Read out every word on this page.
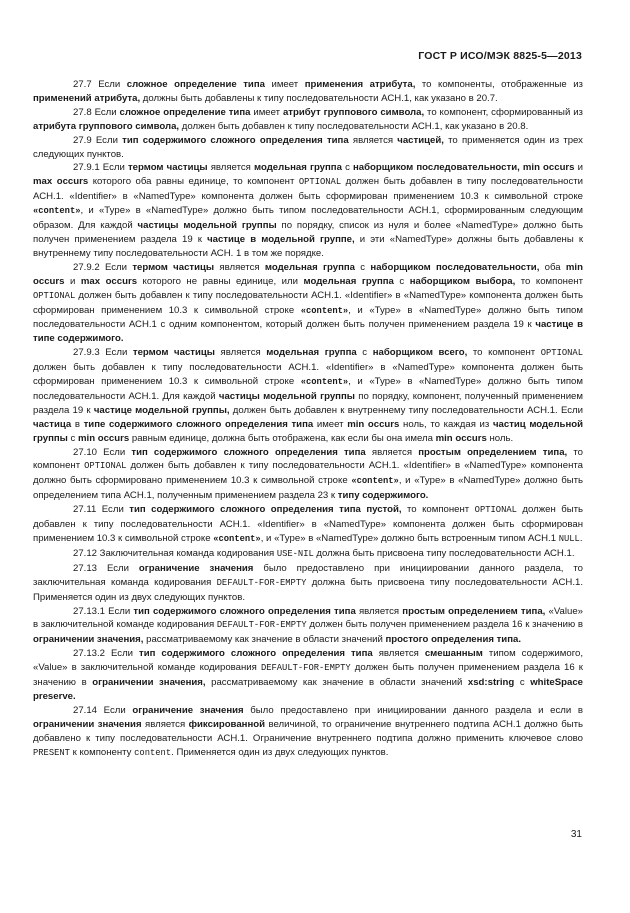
ГОСТ Р ИСО/МЭК 8825-5—2013

27.7 Если сложное определение типа имеет применения атрибута, то компоненты, отображенные из применений атрибута, должны быть добавлены к типу последовательности АСН.1, как указано в 20.7.

27.8 Если сложное определение типа имеет атрибут группового символа, то компонент, сформированный из атрибута группового символа, должен быть добавлен к типу последовательности АСН.1, как указано в 20.8.

27.9 Если тип содержимого сложного определения типа является частицей, то применяется один из трех следующих пунктов.

27.9.1 Если термом частицы является модельная группа с наборщиком последовательности, min occurs и max occurs которого оба равны единице, то компонент OPTIONAL должен быть добавлен в типу последовательности АСН.1. «Identifier» в «NamedType» компонента должен быть сформирован применением 10.3 к символьной строке «content», и «Type» в «NamedType» должно быть типом последовательности АСН.1, сформированным следующим образом. Для каждой частицы модельной группы по порядку, список из нуля и более «NamedType» должно быть получен применением раздела 19 к частице в модельной группе, и эти «NamedType» должны быть добавлены к внутреннему типу последовательности АСН. 1 в том же порядке.

27.9.2 Если термом частицы является модельная группа с наборщиком последовательности, оба min occurs и max occurs которого не равны единице, или модельная группа с наборщиком выбора, то компонент OPTIONAL должен быть добавлен к типу последовательности АСН.1. «Identifier» в «NamedType» компонента должен быть сформирован применением 10.3 к символьной строке «content», и «Type» в «NamedType» должно быть типом последовательности АСН.1 с одним компонентом, который должен быть получен применением раздела 19 к частице в типе содержимого.

27.9.3 Если термом частицы является модельная группа с наборщиком всего, то компонент OPTIONAL должен быть добавлен к типу последовательности АСН.1. «Identifier» в «NamedType» компонента должен быть сформирован применением 10.3 к символьной строке «content», и «Type» в «NamedType» должно быть типом последовательности АСН.1. Для каждой частицы модельной группы по порядку, компонент, полученный применением раздела 19 к частице модельной группы, должен быть добавлен к внутреннему типу последовательности АСН.1. Если частица в типе содержимого сложного определения типа имеет min occurs ноль, то каждая из частиц модельной группы с min occurs равным единице, должна быть отображена, как если бы она имела min occurs ноль.

27.10 Если тип содержимого сложного определения типа является простым определением типа, то компонент OPTIONAL должен быть добавлен к типу последовательности АСН.1. «Identifier» в «NamedType» компонента должно быть сформировано применением 10.3 к символьной строке «content», и «Type» в «NamedType» должно быть определением типа АСН.1, полученным применением раздела 23 к типу содержимого.

27.11 Если тип содержимого сложного определения типа пустой, то компонент OPTIONAL должен быть добавлен к типу последовательности АСН.1. «Identifier» в «NamedType» компонента должен быть сформирован применением 10.3 к символьной строке «content», и «Type» в «NamedType» должно быть встроенным типом АСН.1 NULL.

27.12 Заключительная команда кодирования USE-NIL должна быть присвоена типу последовательности АСН.1.

27.13 Если ограничение значения было предоставлено при инициировании данного раздела, то заключительная команда кодирования DEFAULT-FOR-EMPTY должна быть присвоена типу последовательности АСН.1. Применяется один из двух следующих пунктов.

27.13.1 Если тип содержимого сложного определения типа является простым определением типа, «Value» в заключительной команде кодирования DEFAULT-FOR-EMPTY должен быть получен применением раздела 16 к значению в ограничении значения, рассматриваемому как значение в области значений простого определения типа.

27.13.2 Если тип содержимого сложного определения типа является смешанным типом содержимого, «Value» в заключительной команде кодирования DEFAULT-FOR-EMPTY должен быть получен применением раздела 16 к значению в ограничении значения, рассматриваемому как значение в области значений xsd:string с whiteSpace preserve.

27.14 Если ограничение значения было предоставлено при инициировании данного раздела и если в ограничении значения является фиксированной величиной, то ограничение внутреннего подтипа АСН.1 должно быть добавлено к типу последовательности АСН.1. Ограничение внутреннего подтипа должно применить ключевое слово PRESENT к компоненту content. Применяется один из двух следующих пунктов.

31
